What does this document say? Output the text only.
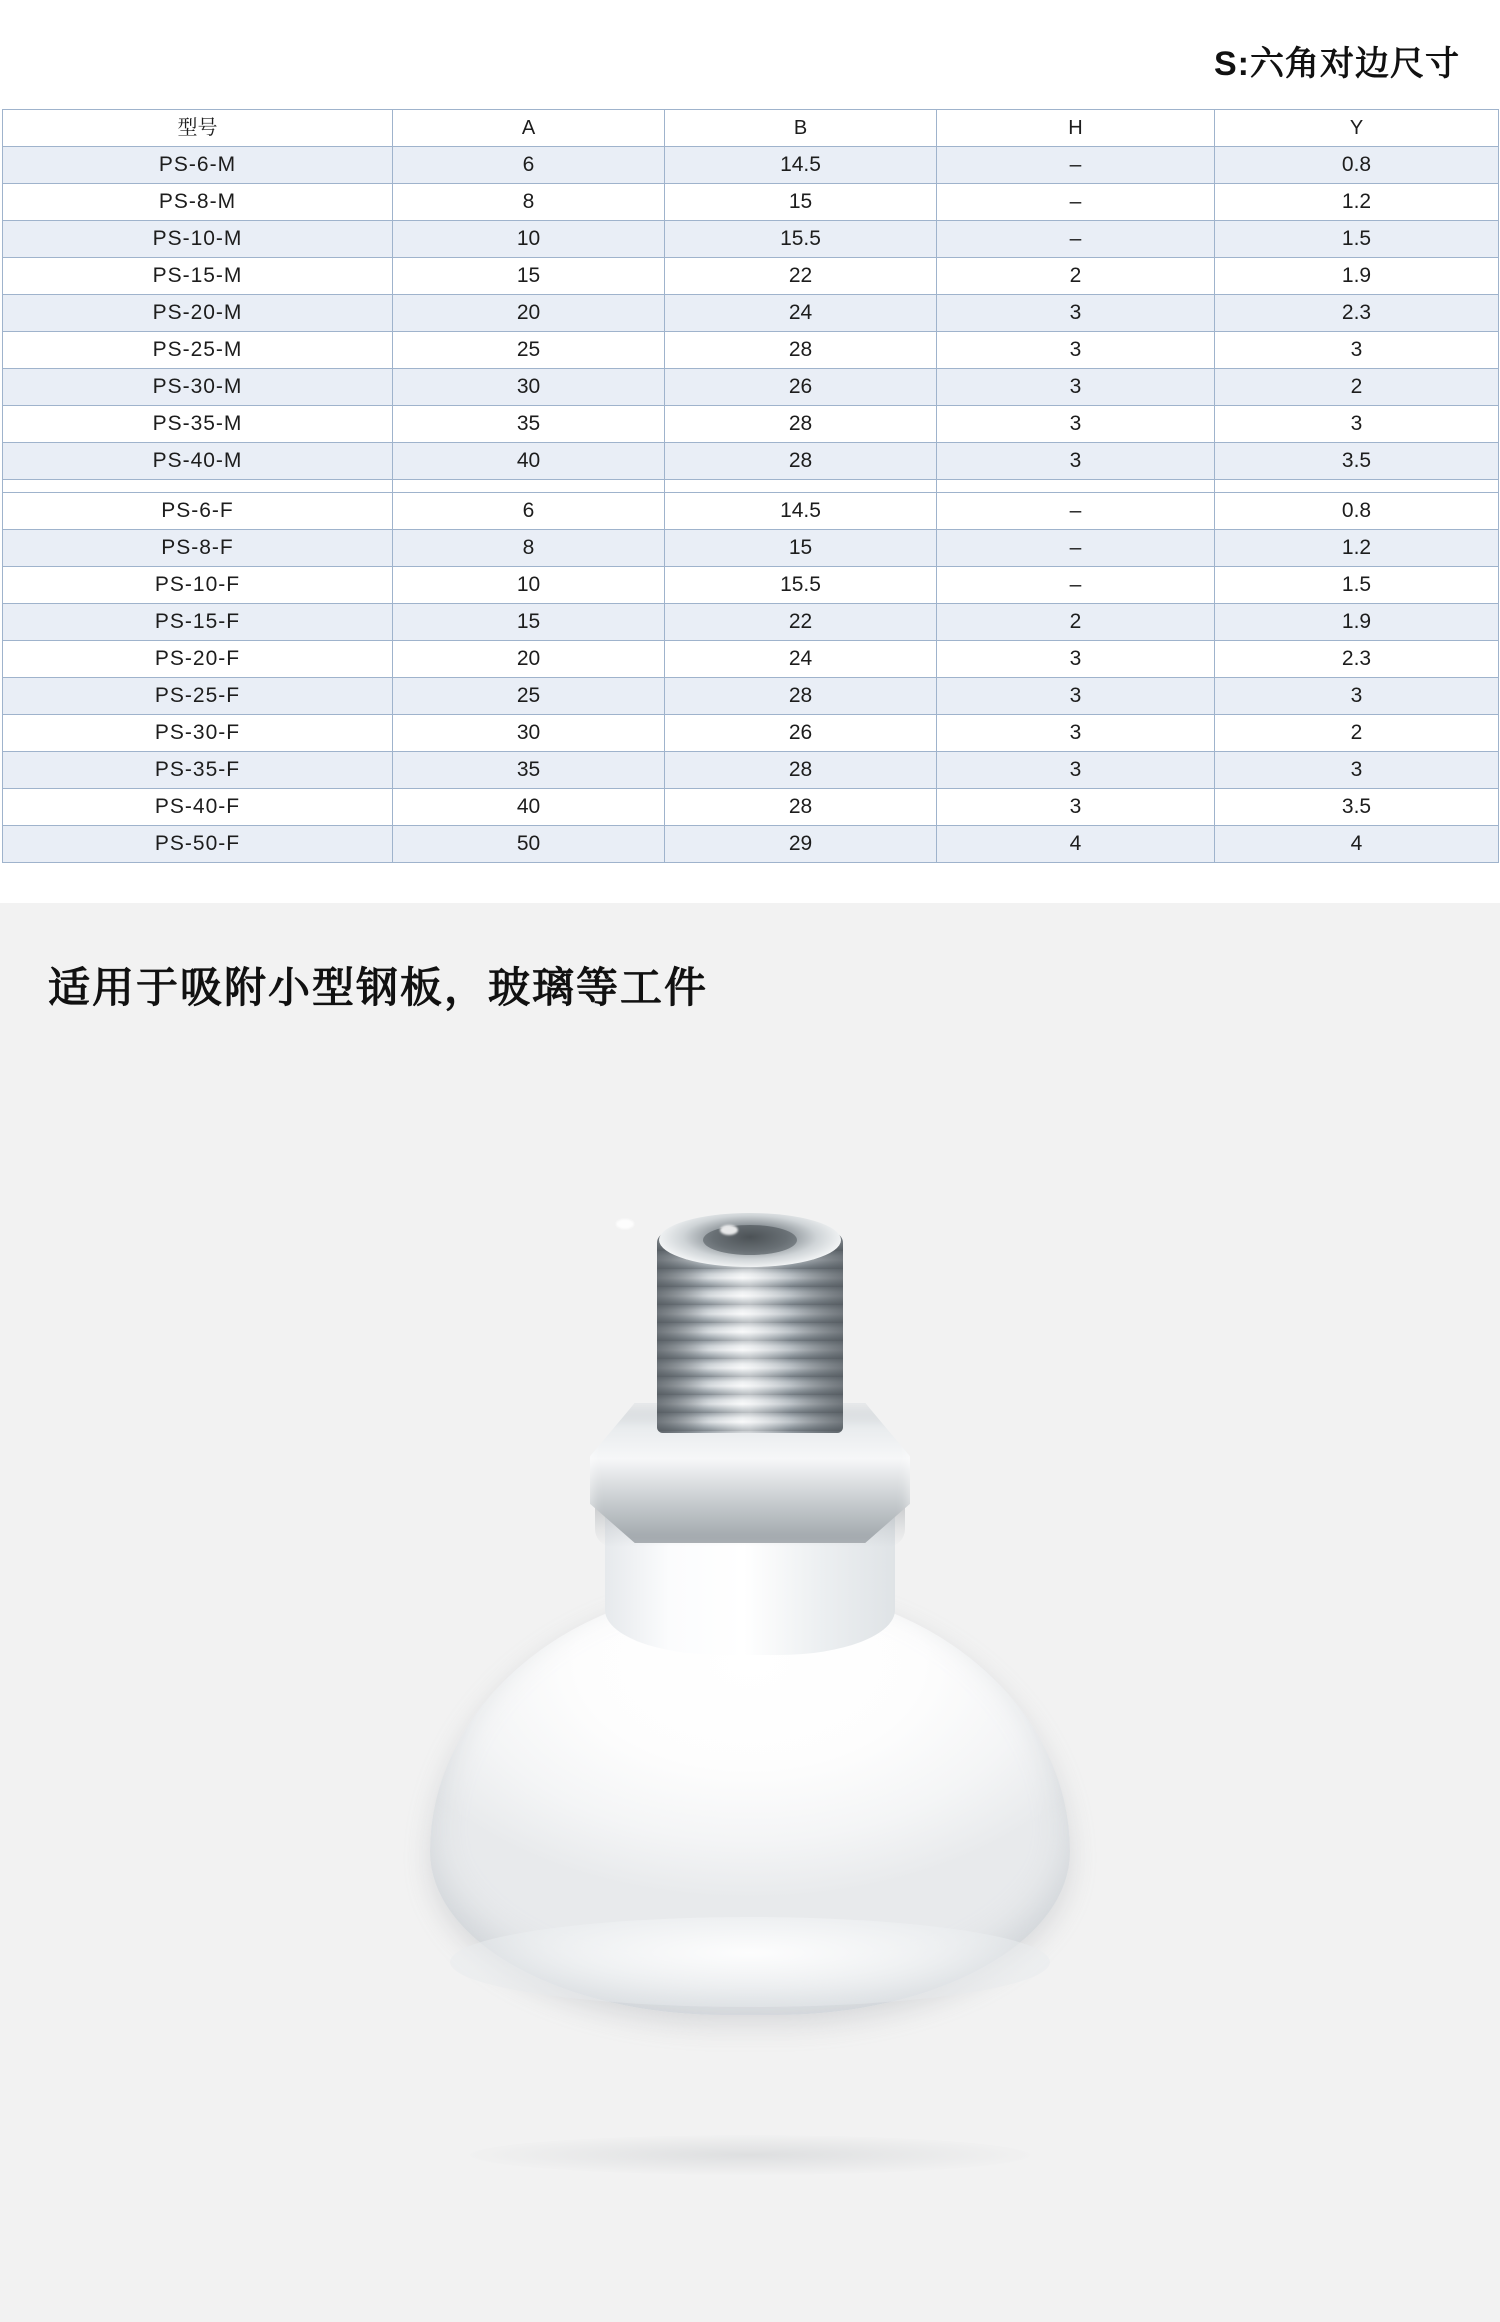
S:六角对边尺寸
型号	A	B	H	Y
PS-6-M	6	14.5	–	0.8
PS-8-M	8	15	–	1.2
PS-10-M	10	15.5	–	1.5
PS-15-M	15	22	2	1.9
PS-20-M	20	24	3	2.3
PS-25-M	25	28	3	3
PS-30-M	30	26	3	2
PS-35-M	35	28	3	3
PS-40-M	40	28	3	3.5

PS-6-F	6	14.5	–	0.8
PS-8-F	8	15	–	1.2
PS-10-F	10	15.5	–	1.5
PS-15-F	15	22	2	1.9
PS-20-F	20	24	3	2.3
PS-25-F	25	28	3	3
PS-30-F	30	26	3	2
PS-35-F	35	28	3	3
PS-40-F	40	28	3	3.5
PS-50-F	50	29	4	4
适用于吸附小型钢板，玻璃等工件
